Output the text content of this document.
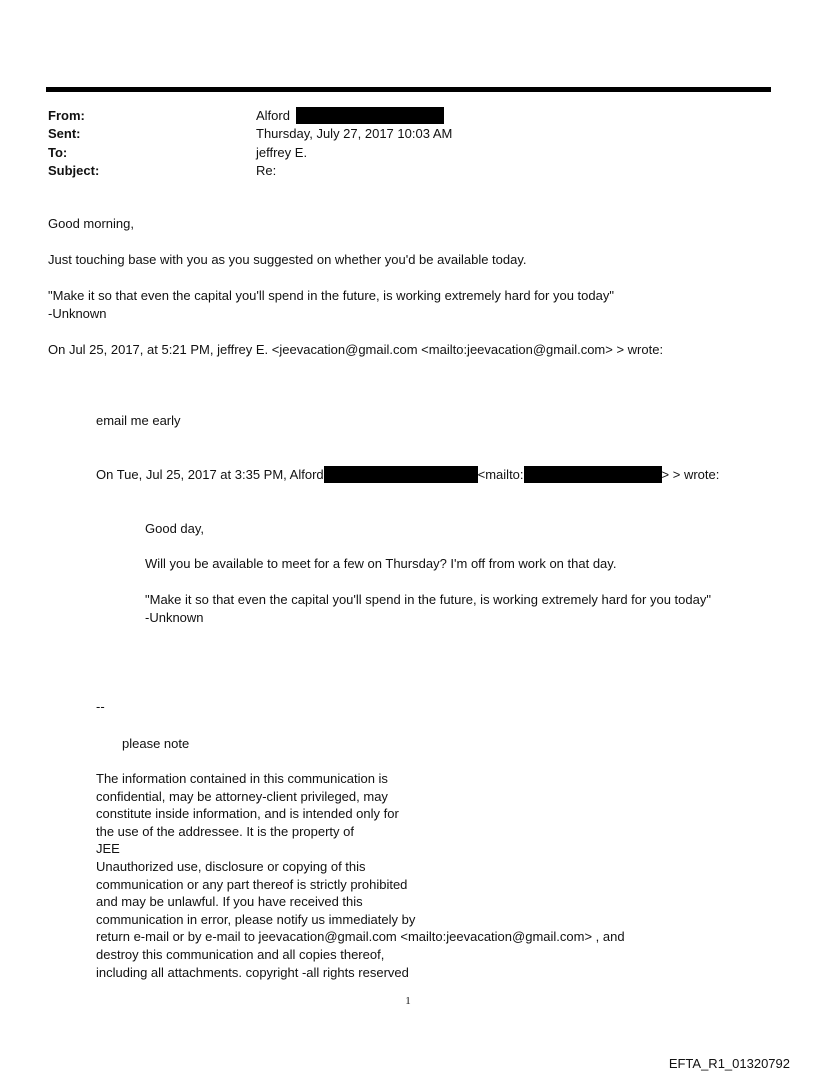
From:	Alford
Sent:	Thursday, July 27, 2017 10:03 AM
To:	jeffrey E.
Subject:	Re:
Good morning,
Just touching base with you as you suggested on whether you'd be available today.
"Make it so that even the capital you'll spend in the future, is working extremely hard for you today"
-Unknown
On Jul 25, 2017, at 5:21 PM, jeffrey E. <jeevacation@gmail.com <mailto:jeevacation@gmail.com> > wrote:
email me early
On Tue, Jul 25, 2017 at 3:35 PM, Alford	<mailto:	> > wrote:
Good day,
Will you be available to meet for a few on Thursday? I'm off from work on that day.
"Make it so that even the capital you'll spend in the future, is working extremely hard for you today"
-Unknown
--
please note
The information contained in this communication is
confidential, may be attorney-client privileged, may
constitute inside information, and is intended only for
the use of the addressee. It is the property of
JEE
Unauthorized use, disclosure or copying of this
communication or any part thereof is strictly prohibited
and may be unlawful. If you have received this
communication in error, please notify us immediately by
return e-mail or by e-mail to jeevacation@gmail.com <mailto:jeevacation@gmail.com> , and
destroy this communication and all copies thereof,
including all attachments. copyright -all rights reserved
1
EFTA_R1_01320792
